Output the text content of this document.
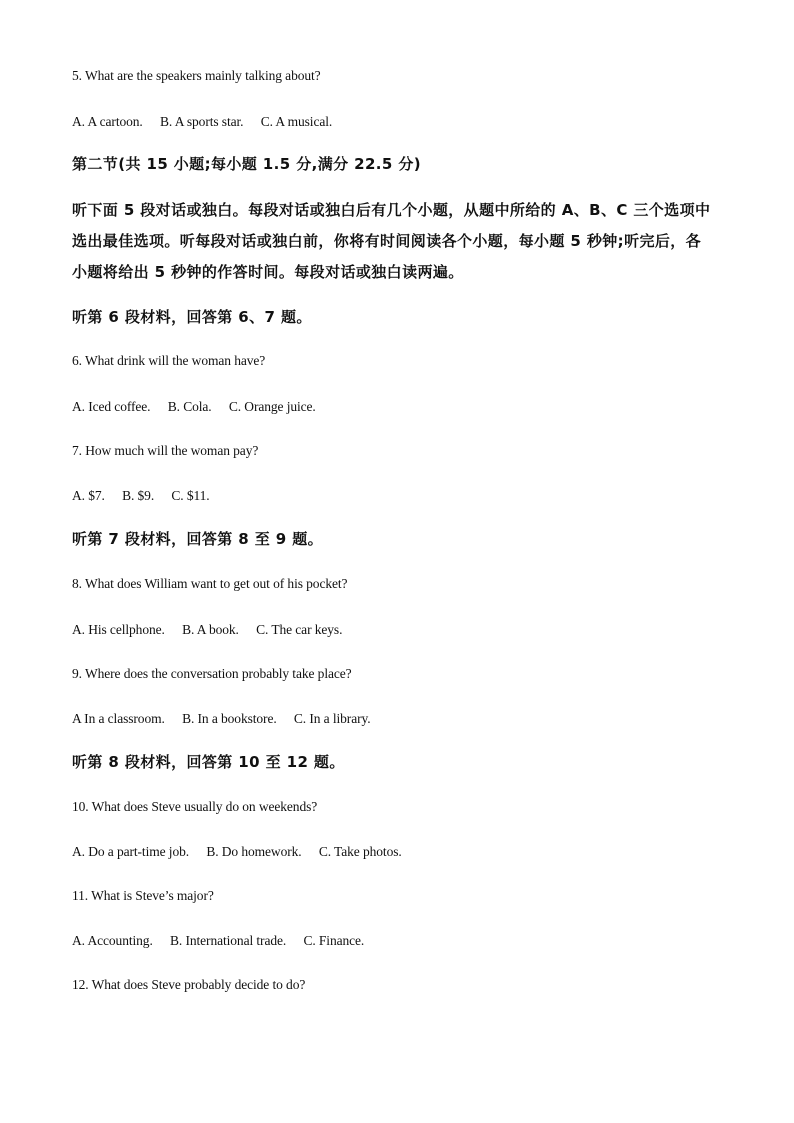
5. What are the speakers mainly talking about?
A. A cartoon. B. A sports star. C. A musical.
第二节(共 15 小题;每小题 1.5 分,满分 22.5 分)
听下面 5 段对话或独白。每段对话或独白后有几个小题，从题中所给的 A、B、C 三个选项中
选出最佳选项。听每段对话或独白前，你将有时间阅读各个小题，每小题 5 秒钟;听完后，各
小题将给出 5 秒钟的作答时间。每段对话或独白读两遍。
听第 6 段材料，回答第 6、7 题。
6. What drink will the woman have?
A. Iced coffee. B. Cola. C. Orange juice.
7. How much will the woman pay?
A. $7. B. $9. C. $11.
听第 7 段材料，回答第 8 至 9 题。
8. What does William want to get out of his pocket?
A. His cellphone. B. A book. C. The car keys.
9. Where does the conversation probably take place?
A In a classroom. B. In a bookstore. C. In a library.
听第 8 段材料，回答第 10 至 12 题。
10. What does Steve usually do on weekends?
A. Do a part-time job. B. Do homework. C. Take photos.
11. What is Steve’s major?
A. Accounting. B. International trade. C. Finance.
12. What does Steve probably decide to do?
